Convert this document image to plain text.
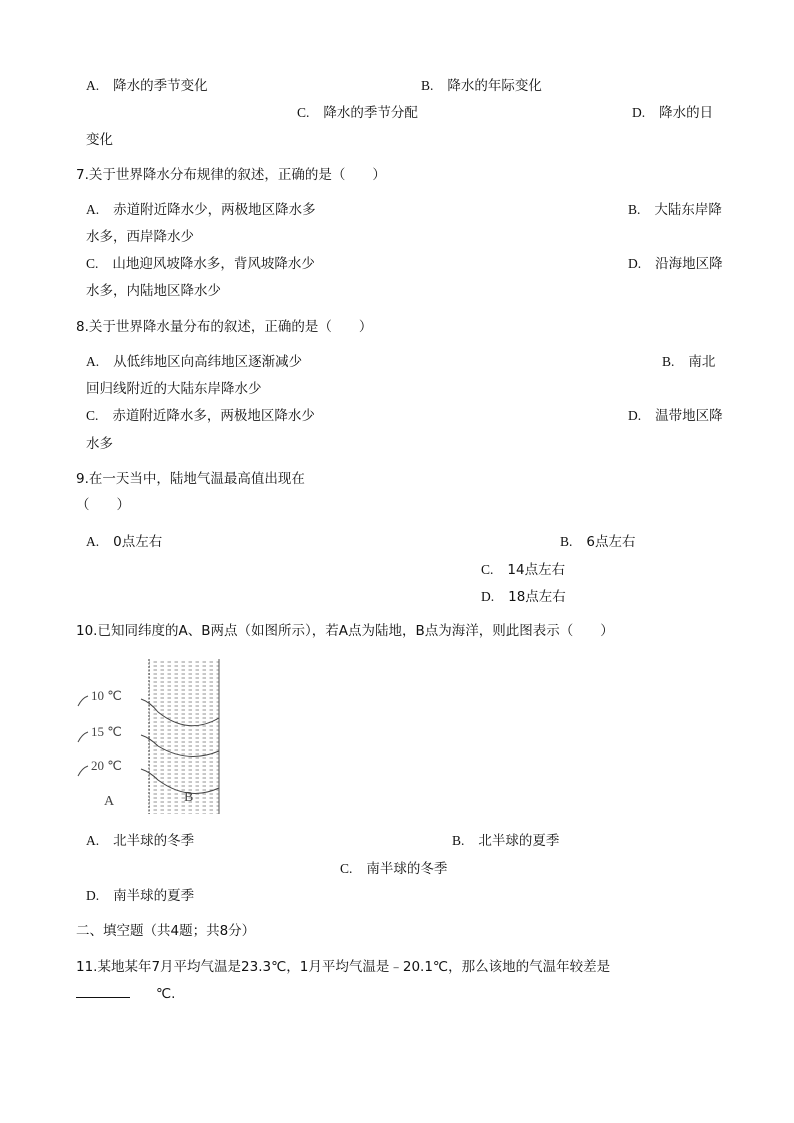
A. 降水的季节变化	B. 降水的年际变化
C. 降水的季节分配	D. 降水的日
变化
7.关于世界降水分布规律的叙述，正确的是（　　）
A. 赤道附近降水少，两极地区降水多	B. 大陆东岸降
水多，西岸降水少
C. 山地迎风坡降水多，背风坡降水少	D. 沿海地区降
水多，内陆地区降水少
8.关于世界降水量分布的叙述，正确的是（　　）
A. 从低纬地区向高纬地区逐渐减少	B. 南北
回归线附近的大陆东岸降水少
C. 赤道附近降水多，两极地区降水少	D. 温带地区降
水多
9.在一天当中，陆地气温最高值出现在
（　　）
A. 0点左右	B. 6点左右
C. 14点左右
D. 18点左右
10.已知同纬度的A、B两点（如图所示），若A点为陆地，B点为海洋，则此图表示（　　）
10 ℃
15 ℃
20 ℃
A	B
A. 北半球的冬季	B. 北半球的夏季
C. 南半球的冬季
D. 南半球的夏季
二、填空题（共4题；共8分）
11.某地某年7月平均气温是23.3℃，1月平均气温是﹣20.1℃，那么该地的气温年较差是
℃.
